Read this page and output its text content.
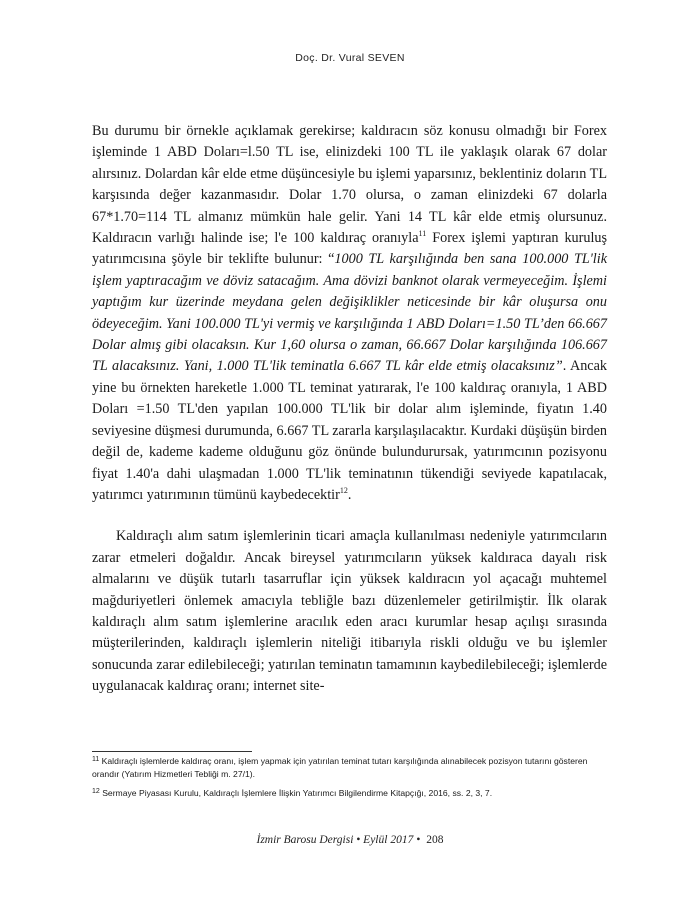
Doç. Dr. Vural SEVEN

Bu durumu bir örnekle açıklamak gerekirse; kaldıracın söz konusu olmadığı bir Forex işleminde 1 ABD Doları=l.50 TL ise, elinizdeki 100 TL ile yaklaşık olarak 67 dolar alırsınız. Dolardan kâr elde etme düşüncesiyle bu işlemi yaparsınız, beklentiniz doların TL karşısında değer kazanmasıdır. Dolar 1.70 olursa, o zaman elinizdeki 67 dolarla 67*1.70=114 TL almanız mümkün hale gelir. Yani 14 TL kâr elde etmiş olursunuz. Kaldıracın varlığı halinde ise; l'e 100 kaldıraç oranıyla$^{11}$ Forex işlemi yaptıran kuruluş yatırımcısına şöyle bir teklifte bulunur: “1000 TL karşılığında ben sana 100.000 TL'lik işlem yaptıracağım ve döviz satacağım. Ama dövizi banknot olarak vermeyeceğim. İşlemi yaptığım kur üzerinde meydana gelen değişiklikler neticesinde bir kâr oluşursa onu ödeyeceğim. Yani 100.000 TL'yi vermiş ve karşılığında 1 ABD Doları=1.50 TL’den 66.667 Dolar almış gibi olacaksın. Kur 1,60 olursa o zaman, 66.667 Dolar karşılığında 106.667 TL alacaksınız. Yani, 1.000 TL'lik teminatla 6.667 TL kâr elde etmiş olacaksınız”. Ancak yine bu örnekten hareketle 1.000 TL teminat yatırarak, l'e 100 kaldıraç oranıyla, 1 ABD Doları =1.50 TL'den yapılan 100.000 TL'lik bir dolar alım işleminde, fiyatın 1.40 seviyesine düşmesi durumunda, 6.667 TL zararla karşılaşılacaktır. Kurdaki düşüşün birden değil de, kademe kademe olduğunu göz önünde bulundurursak, yatırımcının pozisyonu fiyat 1.40'a dahi ulaşmadan 1.000 TL'lik teminatının tükendiği seviyede kapatılacak, yatırımcı yatırımının tümünü kaybedecektir$^{12}$.

Kaldıraçlı alım satım işlemlerinin ticari amaçla kullanılması nedeniyle yatırımcıların zarar etmeleri doğaldır. Ancak bireysel yatırımcıların yüksek kaldıraca dayalı risk almalarını ve düşük tutarlı tasarruflar için yüksek kaldıracın yol açacağı muhtemel mağduriyetleri önlemek amacıyla tebliğle bazı düzenlemeler getirilmiştir. İlk olarak kaldıraçlı alım satım işlemlerine aracılık eden aracı kurumlar hesap açılışı sırasında müşterilerinden, kaldıraçlı işlemlerin niteliği itibarıyla riskli olduğu ve bu işlemler sonucunda zarar edilebileceği; yatırılan teminatın tamamının kaybedilebileceği; işlemlerde uygulanacak kaldıraç oranı; internet site-

$^{11}$ Kaldıraçlı işlemlerde kaldıraç oranı, işlem yapmak için yatırılan teminat tutarı karşılığında alınabilecek pozisyon tutarını gösteren orandır (Yatırım Hizmetleri Tebliği m. 27/1).

$^{12}$ Sermaye Piyasası Kurulu, Kaldıraçlı İşlemlere İlişkin Yatırımcı Bilgilendirme Kitapçığı, 2016, ss. 2, 3, 7.

İzmir Barosu Dergisi • Eylül 2017 • 208
